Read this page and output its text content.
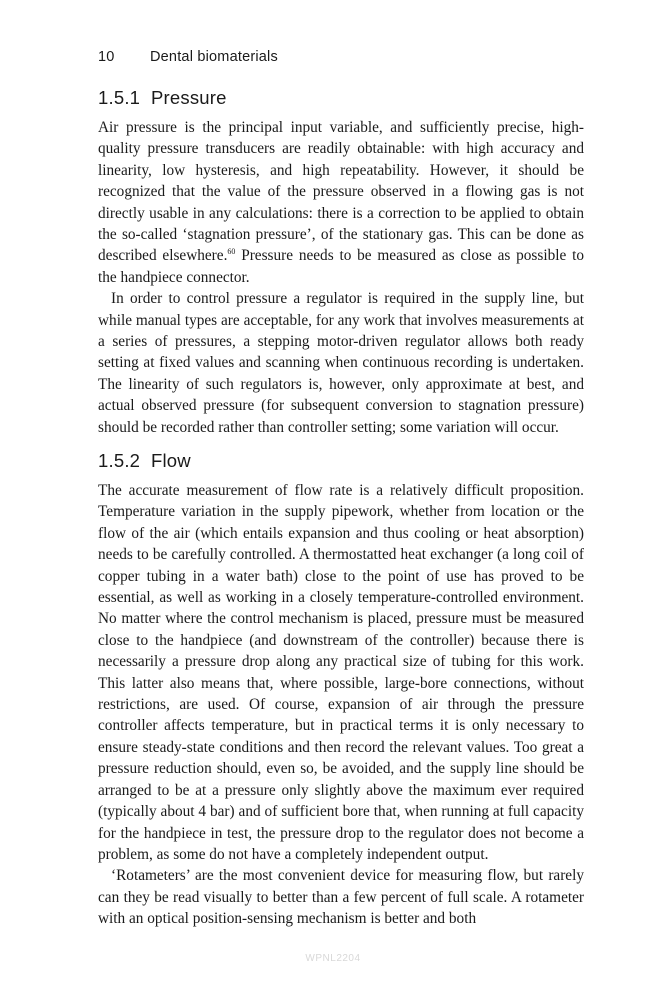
10 Dental biomaterials
1.5.1 Pressure

Air pressure is the principal input variable, and sufficiently precise, high-quality pressure transducers are readily obtainable: with high accuracy and linearity, low hysteresis, and high repeatability. However, it should be recognized that the value of the pressure observed in a flowing gas is not directly usable in any calculations: there is a correction to be applied to obtain the so-called ‘stagnation pressure’, of the stationary gas. This can be done as described elsewhere.$^{60}$ Pressure needs to be measured as close as possible to the handpiece connector.

In order to control pressure a regulator is required in the supply line, but while manual types are acceptable, for any work that involves measurements at a series of pressures, a stepping motor-driven regulator allows both ready setting at fixed values and scanning when continuous recording is undertaken. The linearity of such regulators is, however, only approximate at best, and actual observed pressure (for subsequent conversion to stagnation pressure) should be recorded rather than controller setting; some variation will occur.

1.5.2 Flow

The accurate measurement of flow rate is a relatively difficult proposition. Temperature variation in the supply pipework, whether from location or the flow of the air (which entails expansion and thus cooling or heat absorption) needs to be carefully controlled. A thermostatted heat exchanger (a long coil of copper tubing in a water bath) close to the point of use has proved to be essential, as well as working in a closely temperature-controlled environment. No matter where the control mechanism is placed, pressure must be measured close to the handpiece (and downstream of the controller) because there is necessarily a pressure drop along any practical size of tubing for this work. This latter also means that, where possible, large-bore connections, without restrictions, are used. Of course, expansion of air through the pressure controller affects temperature, but in practical terms it is only necessary to ensure steady-state conditions and then record the relevant values. Too great a pressure reduction should, even so, be avoided, and the supply line should be arranged to be at a pressure only slightly above the maximum ever required (typically about 4 bar) and of sufficient bore that, when running at full capacity for the handpiece in test, the pressure drop to the regulator does not become a problem, as some do not have a completely independent output.

‘Rotameters’ are the most convenient device for measuring flow, but rarely can they be read visually to better than a few percent of full scale. A rotameter with an optical position-sensing mechanism is better and both

WPNL2204
